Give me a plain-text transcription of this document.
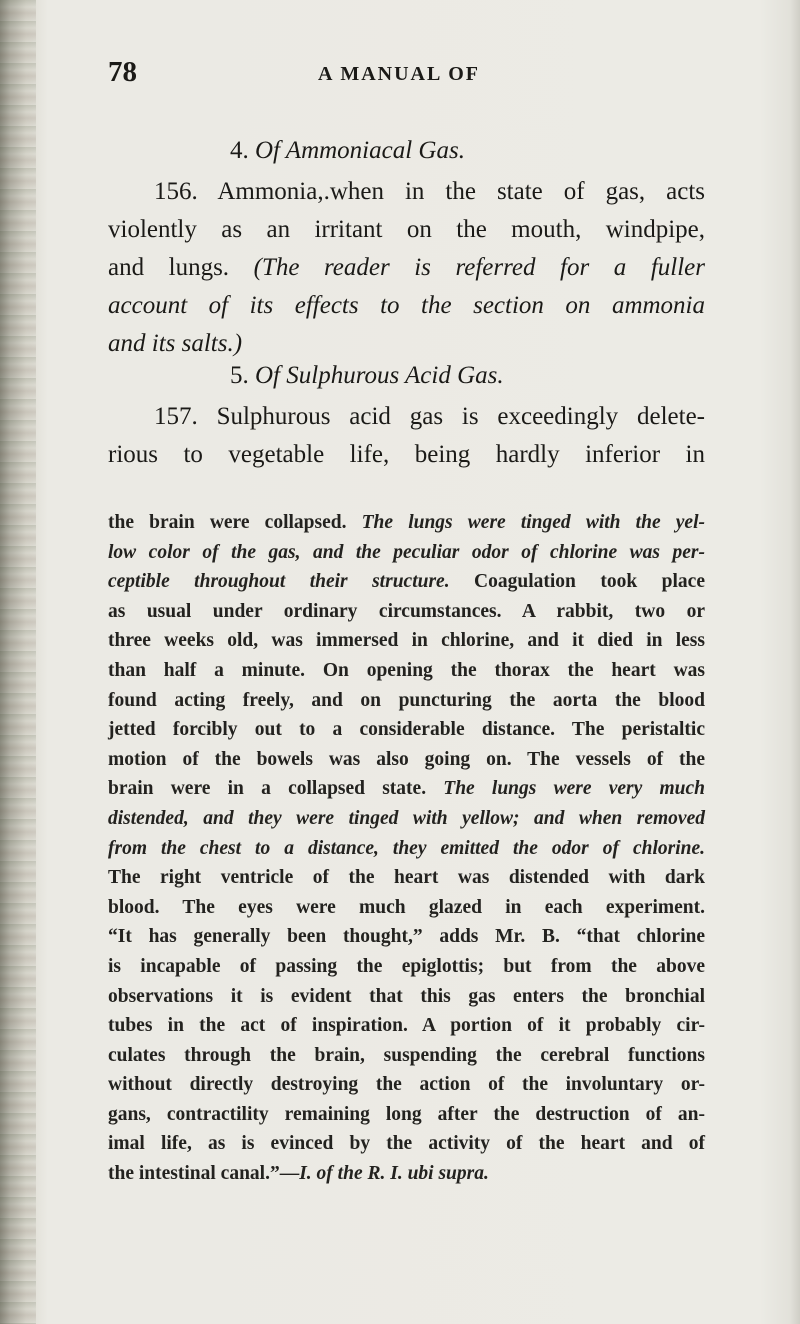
78	A MANUAL OF
4. Of Ammoniacal Gas.
156. Ammonia,.when in the state of gas, acts
violently as an irritant on the mouth, windpipe,
and lungs. (The reader is referred for a fuller
account of its effects to the section on ammonia
and its salts.)
5. Of Sulphurous Acid Gas.
157. Sulphurous acid gas is exceedingly delete-
rious to vegetable life, being hardly inferior in
the brain were collapsed. The lungs were tinged with the yel-
low color of the gas, and the peculiar odor of chlorine was per-
ceptible throughout their structure. Coagulation took place
as usual under ordinary circumstances. A rabbit, two or
three weeks old, was immersed in chlorine, and it died in less
than half a minute. On opening the thorax the heart was
found acting freely, and on puncturing the aorta the blood
jetted forcibly out to a considerable distance. The peristaltic
motion of the bowels was also going on. The vessels of the
brain were in a collapsed state. The lungs were very much
distended, and they were tinged with yellow; and when removed
from the chest to a distance, they emitted the odor of chlorine.
The right ventricle of the heart was distended with dark
blood. The eyes were much glazed in each experiment.
“It has generally been thought,” adds Mr. B. “that chlorine
is incapable of passing the epiglottis; but from the above
observations it is evident that this gas enters the bronchial
tubes in the act of inspiration. A portion of it probably cir-
culates through the brain, suspending the cerebral functions
without directly destroying the action of the involuntary or-
gans, contractility remaining long after the destruction of an-
imal life, as is evinced by the activity of the heart and of
the intestinal canal.”—I. of the R. I. ubi supra.
